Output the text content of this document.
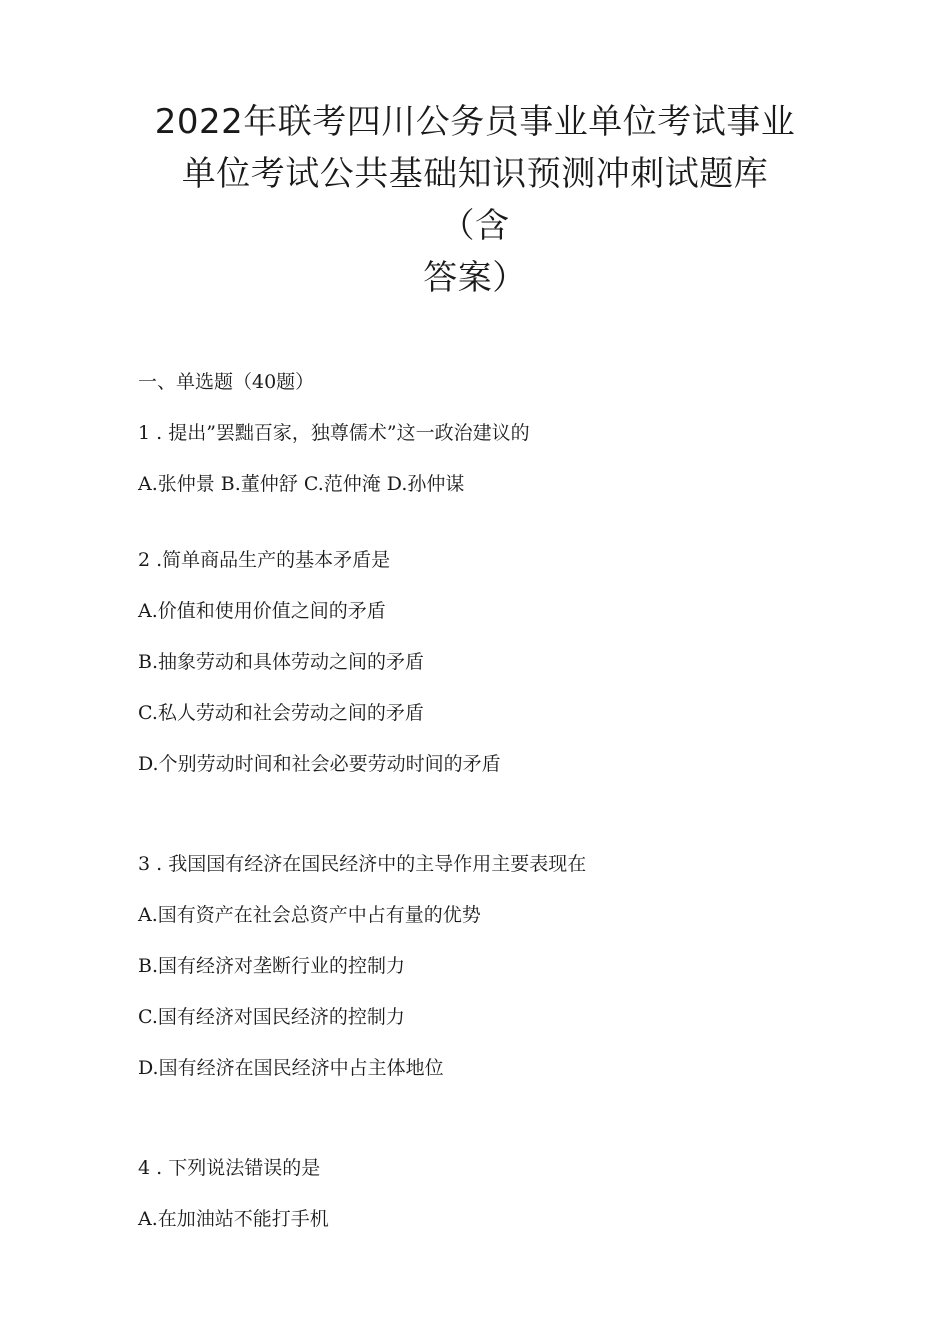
2022年联考四川公务员事业单位考试事业
单位考试公共基础知识预测冲刺试题库（含
答案）
一、单选题（40题）
1 . 提出”罢黜百家，独尊儒术”这一政治建议的
A.张仲景 B.董仲舒 C.范仲淹 D.孙仲谋
2 .简单商品生产的基本矛盾是
A.价值和使用价值之间的矛盾
B.抽象劳动和具体劳动之间的矛盾
C.私人劳动和社会劳动之间的矛盾
D.个别劳动时间和社会必要劳动时间的矛盾
3 . 我国国有经济在国民经济中的主导作用主要表现在
A.国有资产在社会总资产中占有量的优势
B.国有经济对垄断行业的控制力
C.国有经济对国民经济的控制力
D.国有经济在国民经济中占主体地位
4 . 下列说法错误的是
A.在加油站不能打手机
